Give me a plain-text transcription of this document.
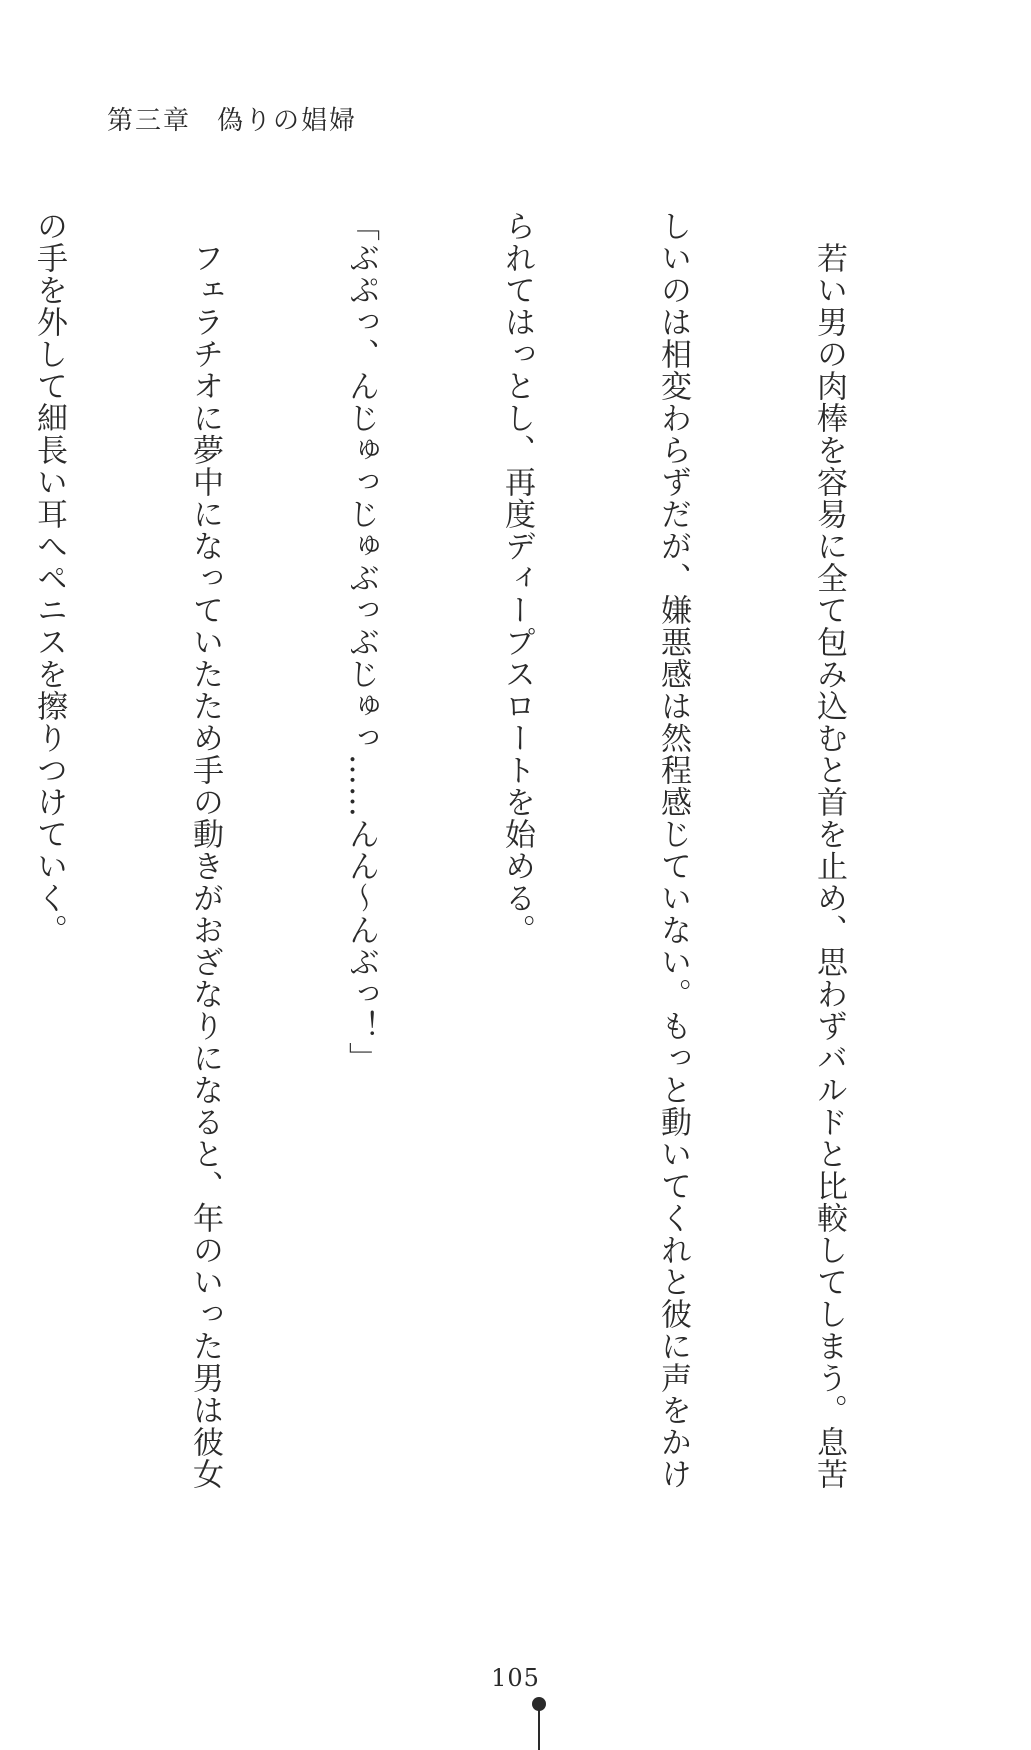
第三章 偽りの娼婦

　若い男の肉棒を容易に全て包み込むと首を止め、思わずバルドと比較してしまう。息苦

しいのは相変わらずだが、嫌悪感は然程感じていない。もっと動いてくれと彼に声をかけ

られてはっとし、再度ディープスロートを始める。

「ぶぷっ、んじゅっじゅぶっぶじゅっ……んん～んぶっ！」

　フェラチオに夢中になっていたため手の動きがおざなりになると、年のいった男は彼女

の手を外して細長い耳へペニスを擦りつけていく。

105
